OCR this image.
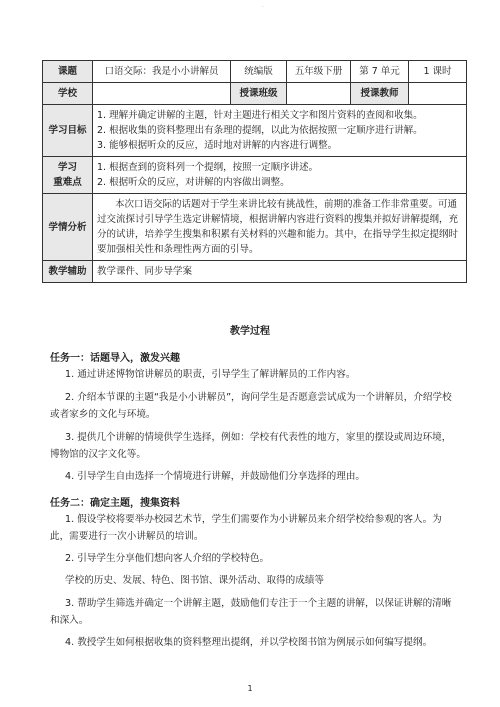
·
课题	口语交际：我是小小讲解员	统编版	五年级下册	第 7 单元	1 课时
学校		授课班级		授课教师	
学习目标	1. 理解并确定讲解的主题，针对主题进行相关文字和图片资料的查阅和收集。
2. 根据收集的资料整理出有条理的提纲，以此为依据按照一定顺序进行讲解。
3. 能够根据听众的反应，适时地对讲解的内容进行调整。				

学习
重难点	1. 根据查到的资料列一个提纲，按照一定顺序讲述。
2. 根据听众的反应，对讲解的内容做出调整。				

学情分析	本次口语交际的话题对于学生来讲比较有挑战性，前期的准备工作非常重要。可通过交流探讨引导学生选定讲解情境，根据讲解内容进行资料的搜集并拟好讲解提纲，充分的试讲，培养学生搜集和积累有关材料的兴趣和能力。其中，在指导学生拟定提纲时要加强相关性和条理性两方面的引导。				
教学辅助	教学课件、同步导学案				
教学过程
任务一：话题导入，激发兴趣

1. 通过讲述博物馆讲解员的职责，引导学生了解讲解员的工作内容。

2. 介绍本节课的主题“我是小小讲解员”，询问学生是否愿意尝试成为一个讲解员，介绍学校或者家乡的文化与环境。

3. 提供几个讲解的情境供学生选择，例如：学校有代表性的地方，家里的摆设或周边环境，博物馆的汉字文化等。

4. 引导学生自由选择一个情境进行讲解，并鼓励他们分享选择的理由。

任务二：确定主题，搜集资料

1. 假设学校将要举办校园艺术节，学生们需要作为小讲解员来介绍学校给参观的客人。为此，需要进行一次小讲解员的培训。

2. 引导学生分享他们想向客人介绍的学校特色。

学校的历史、发展、特色、图书馆、课外活动、取得的成绩等

3. 帮助学生筛选并确定一个讲解主题，鼓励他们专注于一个主题的讲解，以保证讲解的清晰和深入。

4. 教授学生如何根据收集的资料整理出提纲，并以学校图书馆为例展示如何编写提纲。

1
